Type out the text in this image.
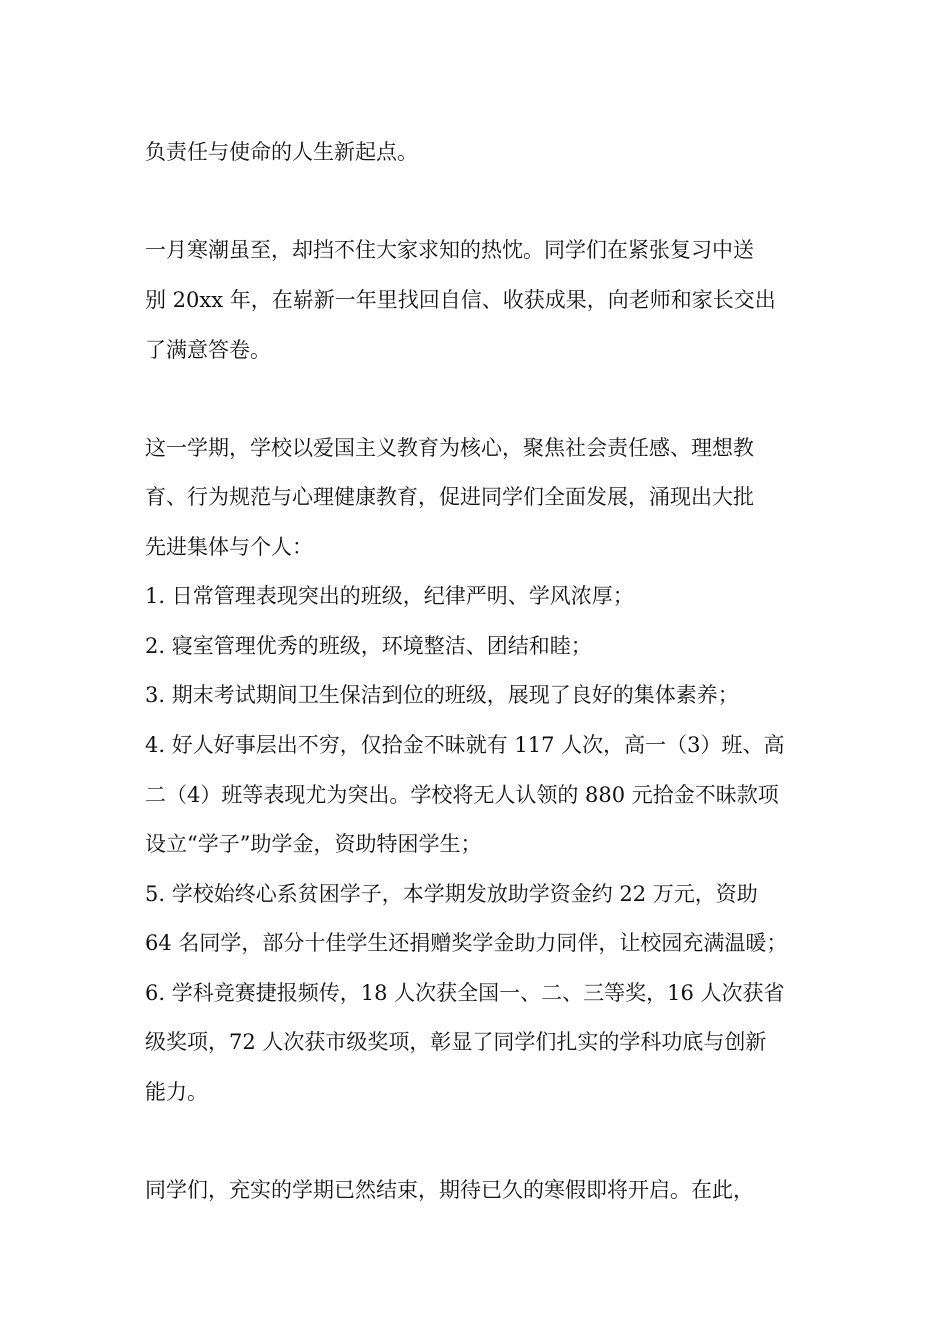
负责任与使命的人生新起点。
一月寒潮虽至，却挡不住大家求知的热忱。同学们在紧张复习中送
别 20xx 年，在崭新一年里找回自信、收获成果，向老师和家长交出
了满意答卷。
这一学期，学校以爱国主义教育为核心，聚焦社会责任感、理想教
育、行为规范与心理健康教育，促进同学们全面发展，涌现出大批
先进集体与个人：
1. 日常管理表现突出的班级，纪律严明、学风浓厚；
2. 寝室管理优秀的班级，环境整洁、团结和睦；
3. 期末考试期间卫生保洁到位的班级，展现了良好的集体素养；
4. 好人好事层出不穷，仅拾金不昧就有 117 人次，高一（3）班、高
二（4）班等表现尤为突出。学校将无人认领的 880 元拾金不昧款项
设立“学子”助学金，资助特困学生；
5. 学校始终心系贫困学子，本学期发放助学资金约 22 万元，资助
64 名同学，部分十佳学生还捐赠奖学金助力同伴，让校园充满温暖；
6. 学科竞赛捷报频传，18 人次获全国一、二、三等奖，16 人次获省
级奖项，72 人次获市级奖项，彰显了同学们扎实的学科功底与创新
能力。
同学们，充实的学期已然结束，期待已久的寒假即将开启。在此，
